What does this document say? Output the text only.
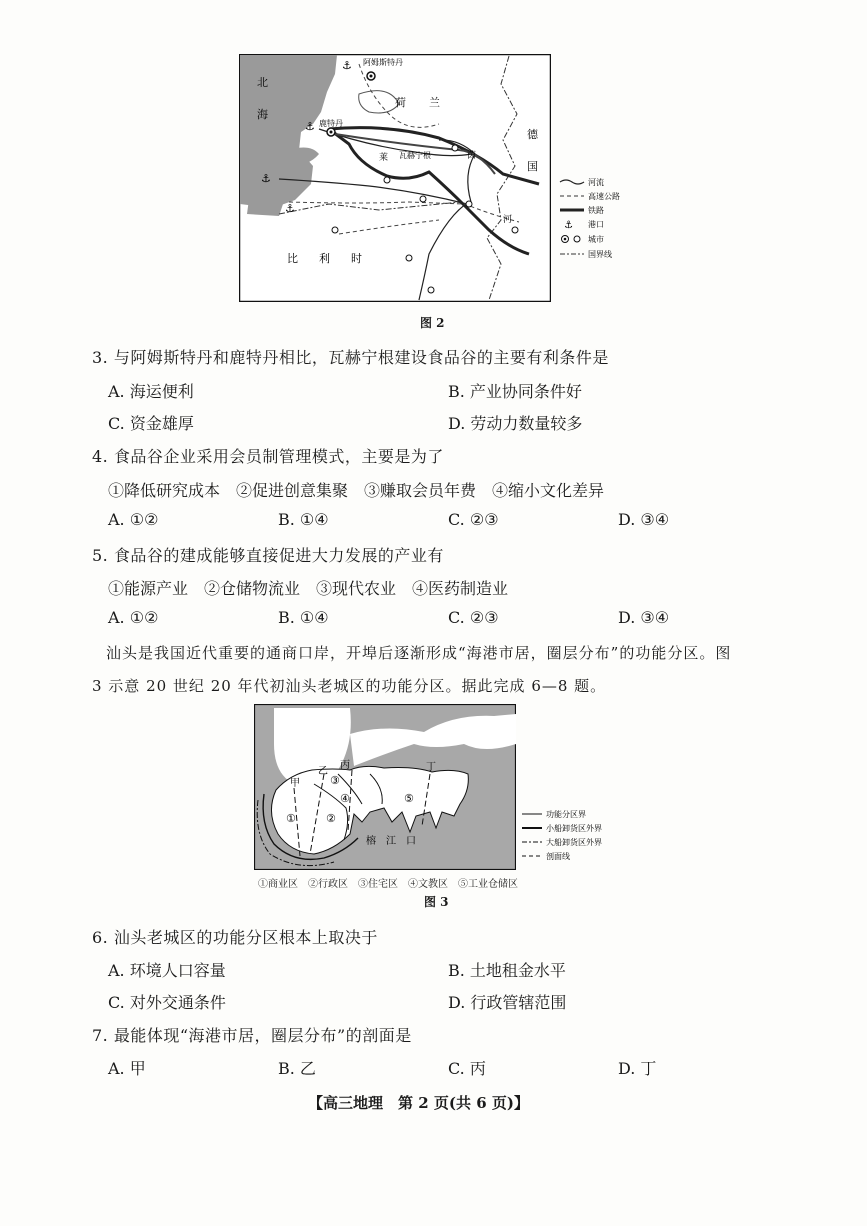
⚓
⚓
⚓
⚓
北
海
阿姆斯特丹
鹿特丹
荷 兰
德
国
莱 瓦赫宁根	茵
河
比 利 时
⚓
河流
高速公路
铁路
港口
城市
国界线
图 2
3. 与阿姆斯特丹和鹿特丹相比，瓦赫宁根建设食品谷的主要有利条件是
A. 海运便利	B. 产业协同条件好
C. 资金雄厚	D. 劳动力数量较多
4. 食品谷企业采用会员制管理模式，主要是为了
①降低研究成本　②促进创意集聚　③赚取会员年费　④缩小文化差异
A. ①②	B. ①④	C. ②③	D. ③④
5. 食品谷的建成能够直接促进大力发展的产业有
①能源产业　②仓储物流业　③现代农业　④医药制造业
A. ①②	B. ①④	C. ②③	D. ③④
汕头是我国近代重要的通商口岸，开埠后逐渐形成“海港市居，圈层分布”的功能分区。图
3 示意 20 世纪 20 年代初汕头老城区的功能分区。据此完成 6—8 题。
甲
乙
丙	丁
①	②
③
④	⑤
榕　江　口
功能分区界
小船卸货区外界
大船卸货区外界
剖面线
①商业区　②行政区　③住宅区　④文教区　⑤工业仓储区
图 3
6. 汕头老城区的功能分区根本上取决于
A. 环境人口容量	B. 土地租金水平
C. 对外交通条件	D. 行政管辖范围
7. 最能体现“海港市居，圈层分布”的剖面是
A. 甲	B. 乙	C. 丙	D. 丁
【高三地理　第 2 页(共 6 页)】
